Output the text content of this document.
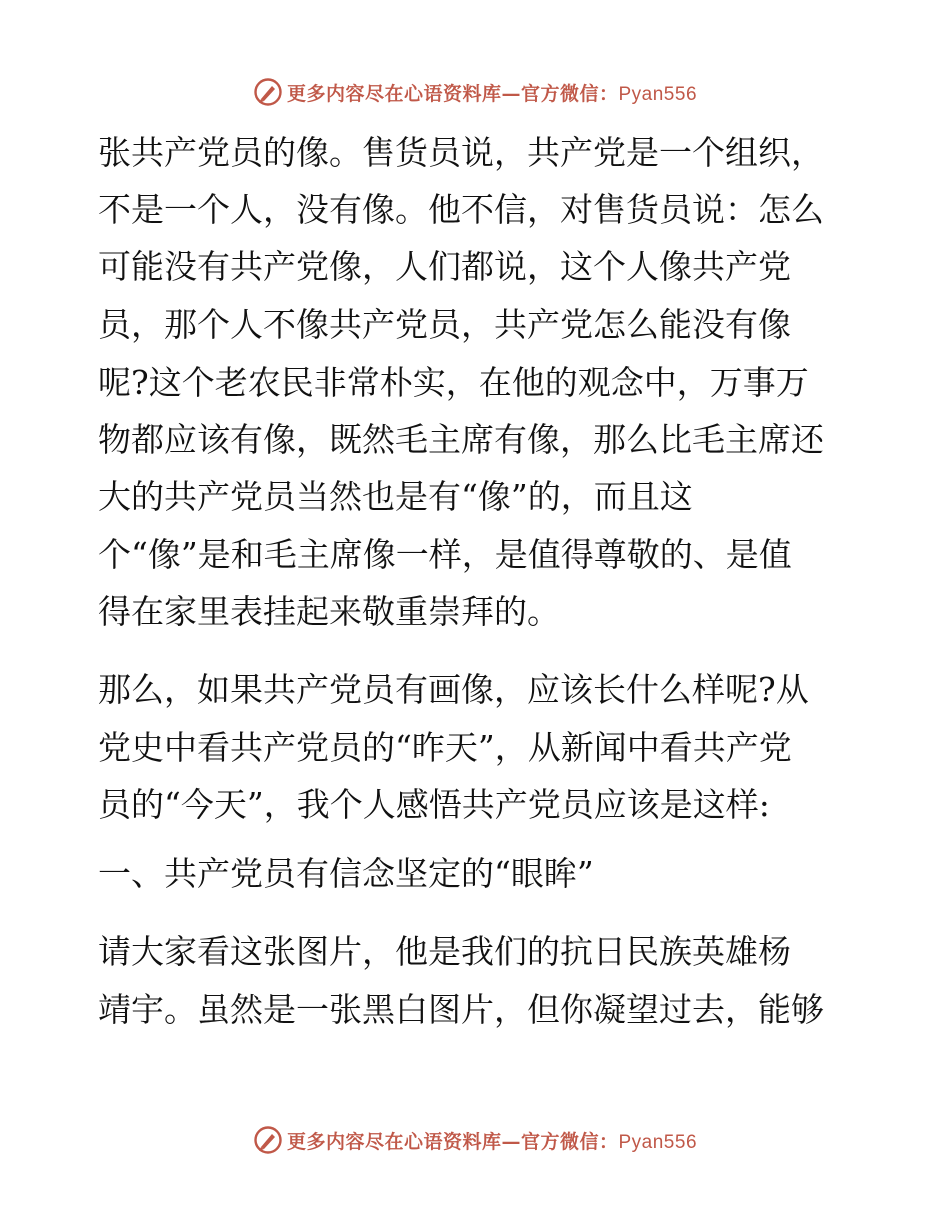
更多内容尽在心语资料库—官方微信：Pyan556
张共产党员的像。售货员说，共产党是一个组织，
不是一个人，没有像。他不信，对售货员说：怎么
可能没有共产党像，人们都说，这个人像共产党
员，那个人不像共产党员，共产党怎么能没有像
呢?这个老农民非常朴实，在他的观念中，万事万
物都应该有像，既然毛主席有像，那么比毛主席还
大的共产党员当然也是有“像”的，而且这
个“像”是和毛主席像一样，是值得尊敬的、是值
得在家里表挂起来敬重崇拜的。
那么，如果共产党员有画像，应该长什么样呢?从
党史中看共产党员的“昨天”，从新闻中看共产党
员的“今天”，我个人感悟共产党员应该是这样:
一、共产党员有信念坚定的“眼眸”
请大家看这张图片，他是我们的抗日民族英雄杨
靖宇。虽然是一张黑白图片，但你凝望过去，能够
更多内容尽在心语资料库—官方微信：Pyan556
